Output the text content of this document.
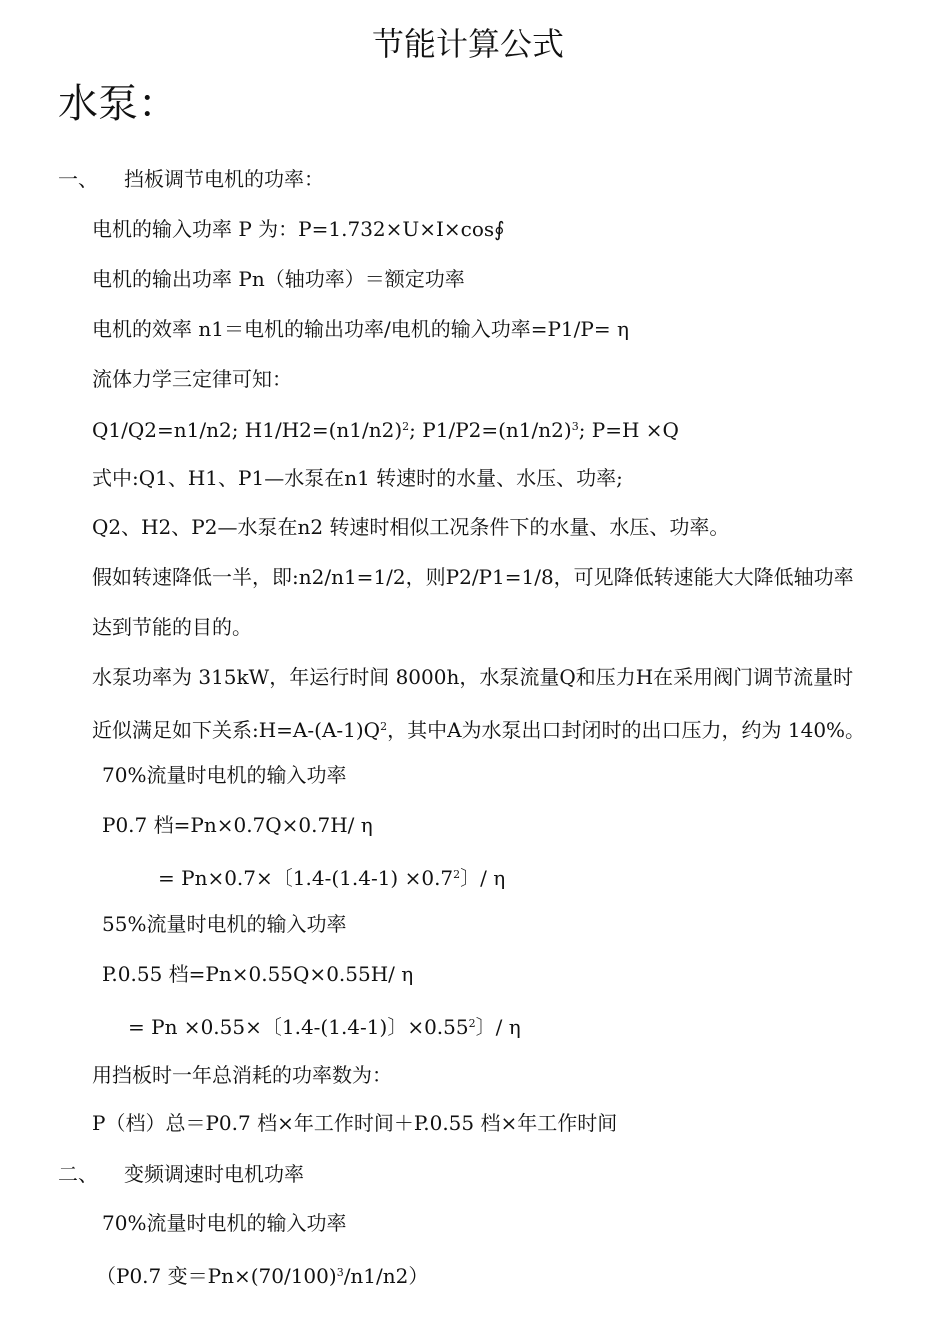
节能计算公式
水泵：
一、 挡板调节电机的功率：
电机的输入功率 P 为：P=1.732×U×I×cos∮
电机的输出功率 Pn（轴功率）＝额定功率
电机的效率 n1＝电机的输出功率/电机的输入功率=P1/P= η
流体力学三定律可知：
Q1/Q2=n1/n2; $H1/H2=(n1/n2)^2$; $P1/P2=(n1/n2)^3$; P=H ×Q
式中:Q1、H1、P1—水泵在n1 转速时的水量、水压、功率;
Q2、H2、P2—水泵在n2 转速时相似工况条件下的水量、水压、功率。
假如转速降低一半，即:n2/n1=1/2，则P2/P1=1/8，可见降低转速能大大降低轴功率
达到节能的目的。
水泵功率为 315kW，年运行时间 8000h，水泵流量Q和压力H在采用阀门调节流量时
近似满足如下关系$:H=A-(A-1)Q^2$，其中A为水泵出口封闭时的出口压力，约为 140%。
70%流量时电机的输入功率
P0.7 档=Pn×0.7Q×0.7H/ η
= Pn×0.7×〔$1.4-(1.4-1) \times 0.7^2$〕/ η
55%流量时电机的输入功率
P.0.55 档=Pn×0.55Q×0.55H/ η
= Pn ×0.55×〔1.4-(1.4-1)〕$\times 0.55^2$〕/ η
用挡板时一年总消耗的功率数为：
P（档）总＝P0.7 档×年工作时间＋P.0.55 档×年工作时间
二、 变频调速时电机功率
70%流量时电机的输入功率
（P0.7 变$=Pn\times(70/100)^3/n1/n2$）
